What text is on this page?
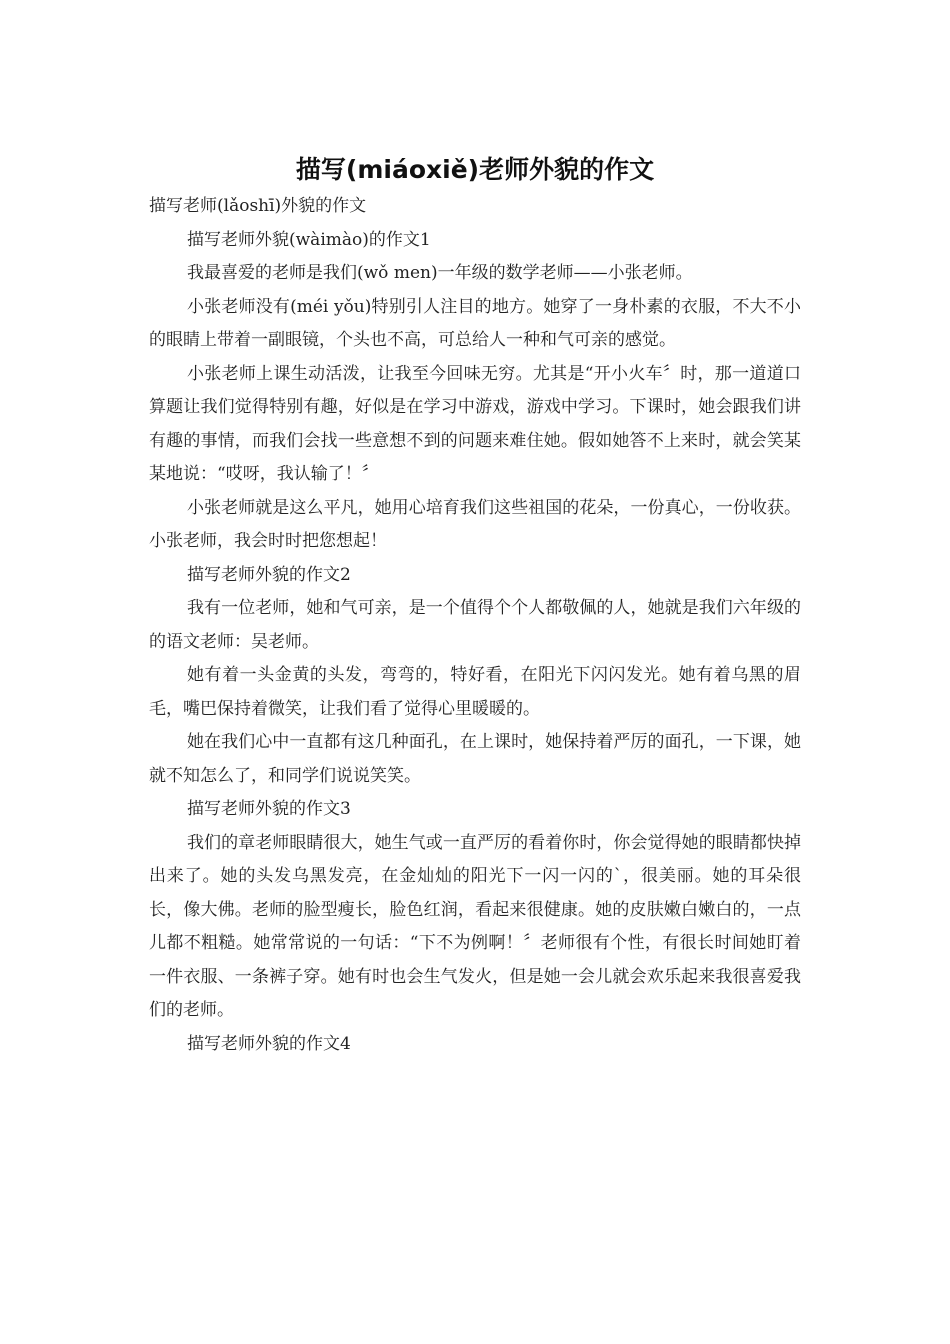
描写(miáoxiě)老师外貌的作文

描写老师(lǎoshī)外貌的作文

描写老师外貌(wàimào)的作文1

我最喜爱的老师是我们(wǒ men)一年级的数学老师——小张老师。

小张老师没有(méi yǒu)特别引人注目的地方。她穿了一身朴素的衣服，不大不小的眼睛上带着一副眼镜，个头也不高，可总给人一种和气可亲的感觉。

小张老师上课生动活泼，让我至今回味无穷。尤其是“开小火车〞时，那一道道口算题让我们觉得特别有趣，好似是在学习中游戏，游戏中学习。下课时，她会跟我们讲有趣的事情，而我们会找一些意想不到的问题来难住她。假如她答不上来时，就会笑某某地说：“哎呀，我认输了！〞

小张老师就是这么平凡，她用心培育我们这些祖国的花朵，一份真心，一份收获。小张老师，我会时时把您想起！

描写老师外貌的作文2

我有一位老师，她和气可亲，是一个值得个个人都敬佩的人，她就是我们六年级的的语文老师：吴老师。

她有着一头金黄的头发，弯弯的，特好看，在阳光下闪闪发光。她有着乌黑的眉毛，嘴巴保持着微笑，让我们看了觉得心里暖暖的。

她在我们心中一直都有这几种面孔，在上课时，她保持着严厉的面孔，一下课，她就不知怎么了，和同学们说说笑笑。

描写老师外貌的作文3

我们的章老师眼睛很大，她生气或一直严厉的看着你时，你会觉得她的眼睛都快掉出来了。她的头发乌黑发亮，在金灿灿的阳光下一闪一闪的`，很美丽。她的耳朵很长，像大佛。老师的脸型瘦长，脸色红润，看起来很健康。她的皮肤嫩白嫩白的，一点儿都不粗糙。她常常说的一句话：“下不为例啊！〞老师很有个性，有很长时间她盯着一件衣服、一条裤子穿。她有时也会生气发火，但是她一会儿就会欢乐起来我很喜爱我们的老师。

描写老师外貌的作文4
